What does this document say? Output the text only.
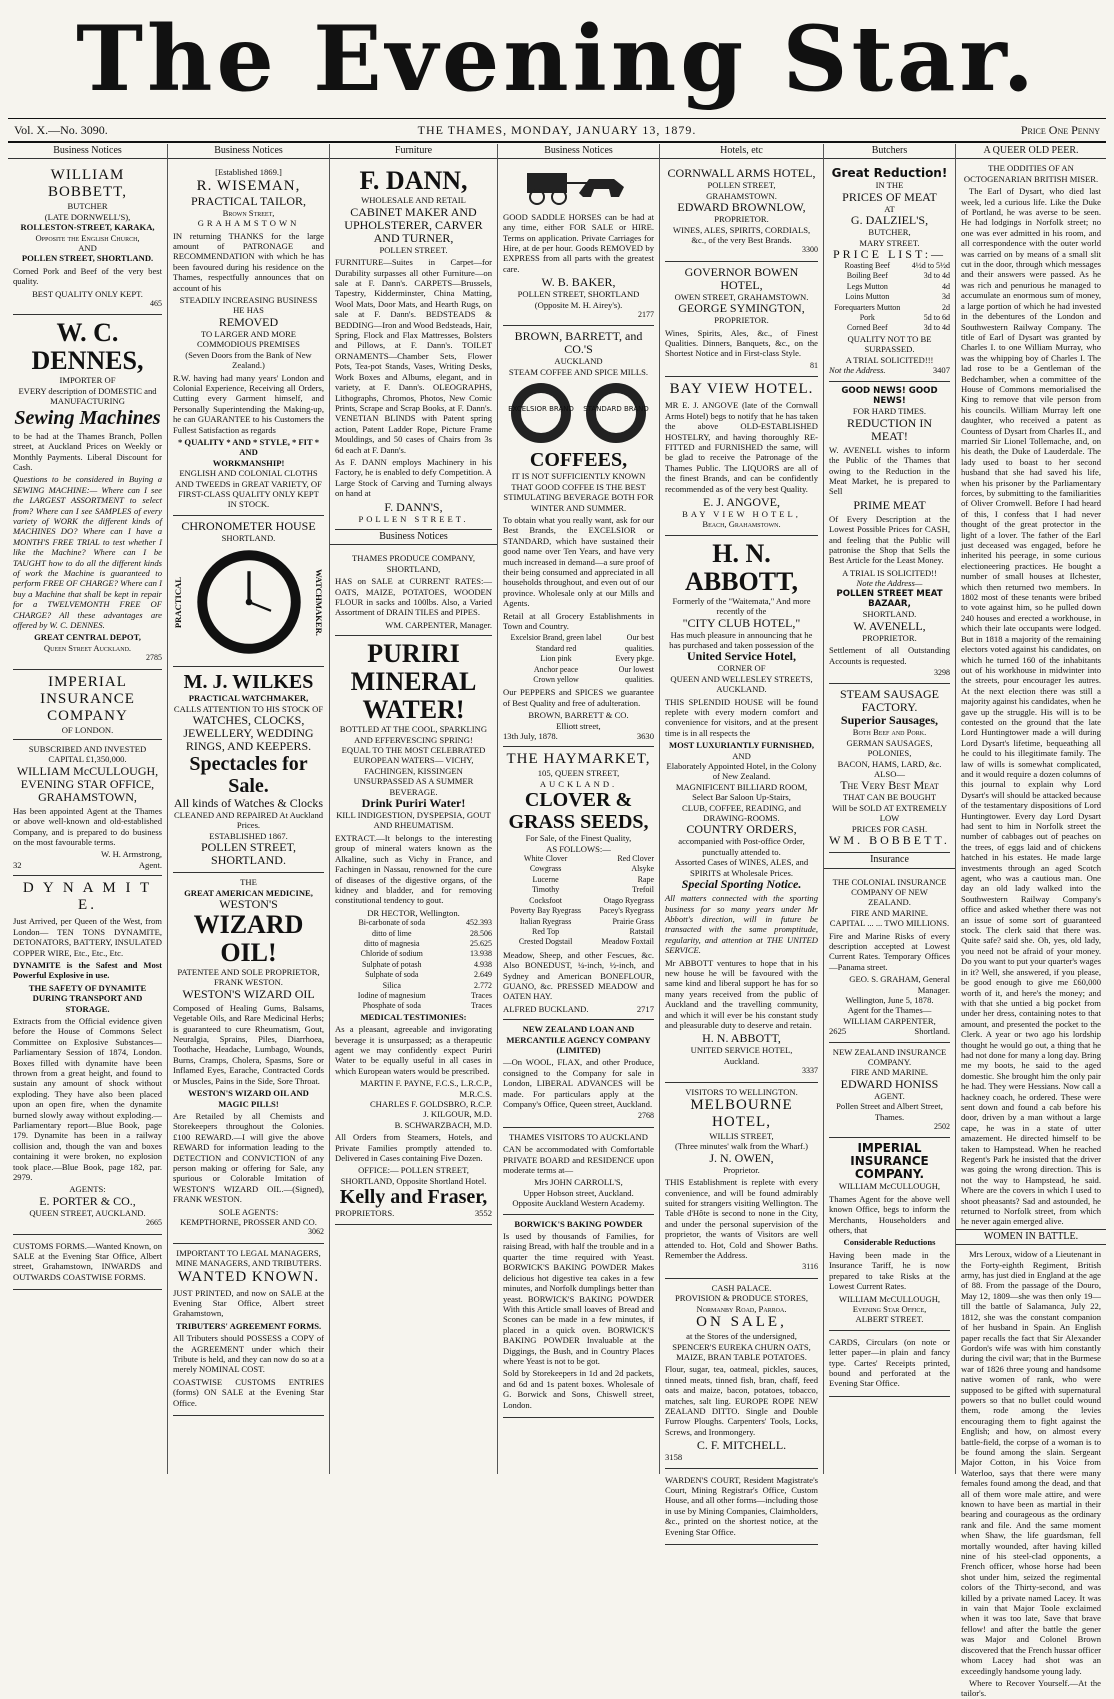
The Evening Star.
Vol. X.—No. 3090.	THE THAMES, MONDAY, JANUARY 13, 1879.	Price One Penny
Business Notices
WILLIAM BOBBETT,
BUTCHER
(LATE DORNWELL'S),
ROLLESTON-STREET, KARAKA,
Opposite the English Church,
AND
POLLEN STREET, SHORTLAND.

Corned Pork and Beef of the very best quality.

BEST QUALITY ONLY KEPT.
465
W. C. DENNES,
IMPORTER OF
EVERY description of DOMESTIC and MANUFACTURING
Sewing Machines

to be had at the Thames Branch, Pollen street, at Auckland Prices on Weekly or Monthly Payments. Liberal Discount for Cash.

Questions to be considered in Buying a SEWING MACHINE:— Where can I see the LARGEST ASSORTMENT to select from? Where can I see SAMPLES of every variety of WORK the different kinds of MACHINES DO? Where can I have a MONTH'S FREE TRIAL to test whether I like the Machine? Where can I be TAUGHT how to do all the different kinds of work the Machine is guaranteed to perform FREE OF CHARGE? Where can I buy a Machine that shall be kept in repair for a TWELVEMONTH FREE OF CHARGE? All these advantages are offered by W. C. DENNES.

GREAT CENTRAL DEPOT,
Queen Street Auckland.
2785
IMPERIAL
INSURANCE COMPANY
OF LONDON.
SUBSCRIBED AND INVESTED
CAPITAL £1,350,000.
WILLIAM McCULLOUGH,
EVENING STAR OFFICE,
GRAHAMSTOWN,

Has been appointed Agent at the Thames or above well-known and old-established Company, and is prepared to do business on the most favourable terms.

W. H. Armstrong,
32	Agent.
D Y N A M I T E.

Just Arrived, per Queen of the West, from London— TEN TONS DYNAMITE, DETONATORS, BATTERY, INSULATED COPPER WIRE, Etc., Etc., Etc.

DYNAMITE is the Safest and Most Powerful Explosive in use.

THE SAFETY OF DYNAMITE DURING TRANSPORT AND STORAGE.

Extracts from the Official evidence given before the House of Commons Select Committee on Explosive Substances—Parliamentary Session of 1874, London. Boxes filled with dynamite have been thrown from a great height, and found to sustain any amount of shock without exploding. They have also been placed upon an open fire, when the dynamite burned slowly away without exploding.—Parliamentary report—Blue Book, page 179. Dynamite has been in a railway collision and, though the van and boxes containing it were broken, no explosion took place.—Blue Book, page 182, par. 2979.

AGENTS:
E. PORTER & CO.,
QUEEN STREET, AUCKLAND.
2665

CUSTOMS FORMS.—Wanted Known, on SALE at the Evening Star Office, Albert street, Grahamstown, INWARDS and OUTWARDS COASTWISE FORMS.

Business Notices
[Established 1869.]
R. WISEMAN,
PRACTICAL TAILOR,
Brown Street,
GRAHAMSTOWN

IN returning THANKS for the large amount of PATRONAGE and RECOMMENDATION with which he has been favoured during his residence on the Thames, respectfully announces that on account of his

STEADILY INCREASING BUSINESS
HE HAS
REMOVED
TO LARGER AND MORE COMMODIOUS PREMISES
(Seven Doors from the Bank of New Zealand.)

R.W. having had many years' London and Colonial Experience, Receiving all Orders, Cutting every Garment himself, and Personally Superintending the Making-up, he can GUARANTEE to his Customers the Fullest Satisfaction as regards

* QUALITY * AND * STYLE, * FIT * AND
WORKMANSHIP!
ENGLISH AND COLONIAL CLOTHS AND TWEEDS in GREAT VARIETY, OF FIRST-CLASS QUALITY ONLY KEPT IN STOCK.
CHRONOMETER HOUSE
SHORTLAND.
PRACTICAL	WATCHMAKER.
M. J. WILKES
PRACTICAL WATCHMAKER,
CALLS ATTENTION TO HIS STOCK OF
WATCHES, CLOCKS, JEWELLERY, WEDDING RINGS, AND KEEPERS.
Spectacles for Sale.
All kinds of Watches & Clocks
CLEANED AND REPAIRED At Auckland Prices.
ESTABLISHED 1867.
POLLEN STREET, SHORTLAND.
THE
GREAT AMERICAN MEDICINE,
WESTON'S
WIZARD OIL!
PATENTEE AND SOLE PROPRIETOR, FRANK WESTON.
WESTON'S WIZARD OIL

Composed of Healing Gums, Balsams, Vegetable Oils, and Rare Medicinal Herbs; is guaranteed to cure Rheumatism, Gout, Neuralgia, Sprains, Piles, Diarrhoea, Toothache, Headache, Lumbago, Wounds, Burns, Cramps, Cholera, Spasms, Sore or Inflamed Eyes, Earache, Contracted Cords or Muscles, Pains in the Side, Sore Throat.

WESTON'S WIZARD OIL AND MAGIC PILLS!

Are Retailed by all Chemists and Storekeepers throughout the Colonies. £100 REWARD.—I will give the above REWARD for information leading to the DETECTION and CONVICTION of any person making or offering for Sale, any spurious or Colorable Imitation of WESTON'S WIZARD OIL.—(Signed), FRANK WESTON.

SOLE AGENTS:
KEMPTHORNE, PROSSER AND CO.
3062
IMPORTANT TO LEGAL MANAGERS, MINE MANAGERS, AND TRIBUTERS.
WANTED KNOWN.

JUST PRINTED, and now on SALE at the Evening Star Office, Albert street Grahamstown,

TRIBUTERS' AGREEMENT FORMS.

All Tributers should POSSESS a COPY of the AGREEMENT under which their Tribute is held, and they can now do so at a merely NOMINAL COST.

COASTWISE CUSTOMS ENTRIES (forms) ON SALE at the Evening Star Office.

Furniture
F. DANN,
WHOLESALE AND RETAIL
CABINET MAKER AND UPHOLSTERER, CARVER AND TURNER,
POLLEN STREET.

FURNITURE—Suites in Carpet—for Durability surpasses all other Furniture—on sale at F. Dann's. CARPETS—Brussels, Tapestry, Kidderminster, China Matting, Wool Mats, Door Mats, and Hearth Rugs, on sale at F. Dann's. BEDSTEADS & BEDDING—Iron and Wood Bedsteads, Hair, Spring, Flock and Flax Mattresses, Bolsters and Pillows, at F. Dann's. TOILET ORNAMENTS—Chamber Sets, Flower Pots, Tea-pot Stands, Vases, Writing Desks, Work Boxes and Albums, elegant, and in variety, at F. Dann's. OLEOGRAPHS, Lithographs, Chromos, Photos, New Comic Prints, Scrape and Scrap Books, at F. Dann's. VENETIAN BLINDS with Patent spring action, Patent Ladder Rope, Picture Frame Mouldings, and 50 cases of Chairs from 3s 6d each at F. Dann's.

As F. DANN employs Machinery in his Factory, he is enabled to defy Competition. A Large Stock of Carving and Turning always on hand at

F. DANN'S,
POLLEN STREET.
Business Notices
THAMES PRODUCE COMPANY, SHORTLAND,

HAS on SALE at CURRENT RATES:— OATS, MAIZE, POTATOES, WOODEN FLOUR in sacks and 100lbs. Also, a Varied Assortment of DRAIN TILES and PIPES.

WM. CARPENTER, Manager.
PURIRI MINERAL WATER!
BOTTLED AT THE COOL, SPARKLING AND EFFERVESCING SPRING!
EQUAL TO THE MOST CELEBRATED EUROPEAN WATERS— VICHY, FACHINGEN, KISSINGEN
UNSURPASSED AS A SUMMER BEVERAGE.
Drink Puriri Water!
KILL INDIGESTION, DYSPEPSIA, GOUT AND RHEUMATISM.

EXTRACT.—It belongs to the interesting group of mineral waters known as the Alkaline, such as Vichy in France, and Fachingen in Nassau, renowned for the cure of diseases of the digestive organs, of the kidney and bladder, and for removing constitutional tendency to gout.

DR HECTOR, Wellington.
Bi-carbonate of soda	452.393
ditto of lime	28.506
ditto of magnesia	25.625
Chloride of sodium	13.938
Sulphate of potash	4.938
Sulphate of soda	2.649
Silica	2.772
Iodine of magnesium	Traces
Phosphate of soda	Traces
MEDICAL TESTIMONIES:

As a pleasant, agreeable and invigorating beverage it is unsurpassed; as a therapeutic agent we may confidently expect Puriri Water to be equally useful in all cases in which European waters would be prescribed.

MARTIN F. PAYNE, F.C.S., L.R.C.P., M.R.C.S.
CHARLES F. GOLDSBRO, R.C.P.
J. KILGOUR, M.D.
B. SCHWARZBACH, M.D.

All Orders from Steamers, Hotels, and Private Families promptly attended to. Delivered in Cases containing Five Dozen.

OFFICE:— POLLEN STREET, SHORTLAND, Opposite Shortland Hotel.
Kelly and Fraser,
PROPRIETORS.	3552
Business Notices

GOOD SADDLE HORSES can be had at any time, either FOR SALE or HIRE. Terms on application. Private Carriages for Hire, at de per hour. Goods REMOVED by EXPRESS from all parts with the greatest care.

W. B. BAKER,
POLLEN STREET, SHORTLAND (Opposite M. H. Airey's).
2177
BROWN, BARRETT, and CO.'S
AUCKLAND
STEAM COFFEE AND SPICE MILLS.
EXCELSIOR BRAND STANDARD BRAND
COFFEES,
IT IS NOT SUFFICIENTLY KNOWN THAT GOOD COFFEE IS THE BEST STIMULATING BEVERAGE BOTH FOR WINTER AND SUMMER.

To obtain what you really want, ask for our Best Brands, the EXCELSIOR or STANDARD, which have sustained their good name over Ten Years, and have very much increased in demand—a sure proof of their being consumed and appreciated in all households throughout, and even out of our province. Wholesale only at our Mills and Agents.

Retail at all Grocery Establishments in Town and Country.

Excelsior Brand, green label	Our best
Standard red	qualities.
Lion pink	Every pkge.
Anchor peace	Our lowest
Crown yellow	qualities.

Our PEPPERS and SPICES we guarantee of Best Quality and free of adulteration.

BROWN, BARRETT & CO.
Elliott street,
13th July, 1878.	3630
THE HAYMARKET,
105, QUEEN STREET,
AUCKLAND.
CLOVER & GRASS SEEDS,
For Sale, of the Finest Quality,
AS FOLLOWS:—
White Clover	Red Clover
Cowgrass	Alsyke
Lucerne	Rape
Timothy	Trefoil
Cocksfoot	Otago Ryegrass
Poverty Bay Ryegrass	Pacey's Ryegrass
Italian Ryegrass	Prairie Grass
Red Top	Ratstail
Crested Dogstail	Meadow Foxtail

Meadow, Sheep, and other Fescues, &c. Also BONEDUST, ¼-inch, ½-inch, and Sydney and American BONEFLOUR, GUANO, &c. PRESSED MEADOW and OATEN HAY.

ALFRED BUCKLAND.	2717
NEW ZEALAND LOAN AND MERCANTILE AGENCY COMPANY (LIMITED)

—On WOOL, FLAX, and other Produce, consigned to the Company for sale in London, LIBERAL ADVANCES will be made. For particulars apply at the Company's Office, Queen street, Auckland.

2768
THAMES VISITORS TO AUCKLAND

CAN be accommodated with Comfortable PRIVATE BOARD and RESIDENCE upon moderate terms at—

Mrs JOHN CARROLL'S,
Upper Hobson street, Auckland.
Opposite Auckland Western Academy.
BORWICK'S BAKING POWDER

Is used by thousands of Families, for raising Bread, with half the trouble and in a quarter the time required with Yeast. BORWICK'S BAKING POWDER Makes delicious hot digestive tea cakes in a few minutes, and Norfolk dumplings better than yeast. BORWICK'S BAKING POWDER With this Article small loaves of Bread and Scones can be made in a few minutes, if placed in a quick oven. BORWICK'S BAKING POWDER Invaluable at the Diggings, the Bush, and in Country Places where Yeast is not to be got.

Sold by Storekeepers in 1d and 2d packets, and 6d and 1s patent boxes. Wholesale of G. Borwick and Sons, Chiswell street, London.

Hotels, etc
CORNWALL ARMS HOTEL,
POLLEN STREET,
GRAHAMSTOWN.
EDWARD BROWNLOW,
PROPRIETOR.
WINES, ALES, SPIRITS, CORDIALS, &c., of the very Best Brands.
3300
GOVERNOR BOWEN HOTEL,
OWEN STREET, GRAHAMSTOWN.
GEORGE SYMINGTON,
PROPRIETOR.

Wines, Spirits, Ales, &c., of Finest Qualities. Dinners, Banquets, &c., on the Shortest Notice and in First-class Style.

81
BAY VIEW HOTEL.

MR E. J. ANGOVE (late of the Cornwall Arms Hotel) begs to notify that he has taken the above OLD-ESTABLISHED HOSTELRY, and having thoroughly RE-FITTED and FURNISHED the same, will be glad to receive the Patronage of the Thames Public. The LIQUORS are all of the finest Brands, and can be confidently recommended as of the very best Quality.

E. J. ANGOVE,
BAY VIEW HOTEL,
Beach, Grahamstown.
H. N. ABBOTT,
Formerly of the "Waitemata," And more recently of the
"CITY CLUB HOTEL,"
Has much pleasure in announcing that he has purchased and taken possession of the
United Service Hotel,
CORNER OF
QUEEN AND WELLESLEY STREETS, AUCKLAND.

THIS SPLENDID HOUSE will be found replete with every modern comfort and convenience for visitors, and at the present time is in all respects the

MOST LUXURIANTLY FURNISHED,
AND
Elaborately Appointed Hotel, in the Colony of New Zealand.
MAGNIFICENT BILLIARD ROOM,
Select Bar Saloon Up-Stairs,
CLUB, COFFEE, READING, and DRAWING-ROOMS.
COUNTRY ORDERS,
accompanied with Post-office Order, punctually attended to.
Assorted Cases of WINES, ALES, and SPIRITS at Wholesale Prices.
Special Sporting Notice.

All matters connected with the sporting business for so many years under Mr Abbott's direction, will in future be transacted with the same promptitude, regularity, and attention at THE UNITED SERVICE.

Mr ABBOTT ventures to hope that in his new house he will be favoured with the same kind and liberal support he has for so many years received from the public of Auckland and the travelling community, and which it will ever be his constant study and pleasurable duty to deserve and retain.

H. N. ABBOTT,
UNITED SERVICE HOTEL,
Auckland.
3337
VISITORS TO WELLINGTON.
MELBOURNE HOTEL,
WILLIS STREET,
(Three minutes' walk from the Wharf.)
J. N. OWEN,
Proprietor.

THIS Establishment is replete with every convenience, and will be found admirably suited for strangers visiting Wellington. The Table d'Hôte is second to none in the City, and under the personal supervision of the proprietor, the wants of Visitors are well attended to. Hot, Cold and Shower Baths. Remember the Address.

3116
CASH PALACE.
PROVISION & PRODUCE STORES,
Normanby Road, Parroa.
ON SALE,
at the Stores of the undersigned, SPENCER'S EUREKA CHURN OATS, MAIZE, BRAN TABLE POTATOES.

Flour, sugar, tea, oatmeal, pickles, sauces, tinned meats, tinned fish, bran, chaff, feed oats and maize, bacon, potatoes, tobacco, matches, salt ling. EUROPE ROPE NEW ZEALAND DITTO. Single and Double Furrow Ploughs. Carpenters' Tools, Locks, Screws, and Ironmongery.

C. F. MITCHELL.
3158

WARDEN'S COURT, Resident Magistrate's Court, Mining Registrar's Office, Custom House, and all other forms—including those in use by Mining Companies, Claimholders, &c., printed on the shortest notice, at the Evening Star Office.

Butchers
Great Reduction!
IN THE
PRICES OF MEAT
AT
G. DALZIEL'S,
BUTCHER,
MARY STREET.
PRICE LIST:—
Roasting Beef	4½d to 5½d
Boiling Beef	3d to 4d
Legs Mutton	4d
Loins Mutton	3d
Forequarters Mutton	2d
Pork	5d to 6d
Corned Beef	3d to 4d
QUALITY NOT TO BE SURPASSED.
A TRIAL SOLICITED!!!
Not the Address.	3407
GOOD NEWS! GOOD NEWS!
FOR HARD TIMES.
REDUCTION IN MEAT!

W. AVENELL wishes to inform the Public of the Thames that owing to the Reduction in the Meat Market, he is prepared to Sell

PRIME MEAT

Of Every Description at the Lowest Possible Prices for CASH, and feeling that the Public will patronise the Shop that Sells the Best Article for the Least Money.

A TRIAL IS SOLICITED!!
Note the Address—
POLLEN STREET MEAT BAZAAR,
SHORTLAND.
W. AVENELL,
PROPRIETOR.

Settlement of all Outstanding Accounts is requested.

3298
STEAM SAUSAGE FACTORY.
Superior Sausages,
Both Beef and Pork.
GERMAN SAUSAGES, POLONIES,
BACON, HAMS, LARD, &c.
ALSO—
The Very Best Meat
THAT CAN BE BOUGHT
Will be SOLD AT EXTREMELY LOW
PRICES FOR CASH.
WM. BOBBETT.
Insurance
THE COLONIAL INSURANCE COMPANY OF NEW ZEALAND.
FIRE AND MARINE.
CAPITAL ... ... TWO MILLIONS.

Fire and Marine Risks of every description accepted at Lowest Current Rates. Temporary Offices—Panama street.

GEO. S. GRAHAM, General Manager.
Wellington, June 5, 1878.
Agent for the Thames—
WILLIAM CARPENTER,
2625	Shortland.
NEW ZEALAND INSURANCE COMPANY.
FIRE AND MARINE.
EDWARD HONISS
AGENT.
Pollen Street and Albert Street, Thames.
2502
IMPERIAL INSURANCE COMPANY.
WILLIAM McCULLOUGH,

Thames Agent for the above well known Office, begs to inform the Merchants, Householders and others, that

Considerable Reductions

Having been made in the Insurance Tariff, he is now prepared to take Risks at the Lowest Current Rates.

WILLIAM McCULLOUGH,
Evening Star Office,
ALBERT STREET.

CARDS, Circulars (on note or letter paper—in plain and fancy type. Cartes' Receipts printed, bound and perforated at the Evening Star Office.

A QUEER OLD PEER.
THE ODDITIES OF AN OCTOGENARIAN BRITISH MISER.

The Earl of Dysart, who died last week, led a curious life. Like the Duke of Portland, he was averse to be seen. He had lodgings in Norfolk street; no one was ever admitted in his room, and all correspondence with the outer world was carried on by means of a small slit cut in the door, through which messages and their answers were passed. As he was rich and penurious he managed to accumulate an enormous sum of money, a large portion of which he had invested in the debentures of the London and Southwestern Railway Company. The title of Earl of Dysart was granted by Charles I. to one William Murray, who was the whipping boy of Charles I. The lad rose to be a Gentleman of the Bedchamber, when a committee of the House of Commons memorialised the King to remove that vile person from his councils. William Murray left one daughter, who received a patent as Countess of Dysart from Charles II., and married Sir Lionel Tollemache, and, on his death, the Duke of Lauderdale. The lady used to boast to her second husband that she had saved his life, when his prisoner by the Parliamentary forces, by submitting to the familiarities of Oliver Cromwell. Before I had heard of this, I confess that I had never thought of the great protector in the light of a lover. The father of the Earl just deceased was engaged, before he inherited his peerage, in some curious electioneering practices. He bought a number of small houses at Ilchester, which then returned two members. In 1802 most of these tenants were bribed to vote against him, so he pulled down 240 houses and erected a workhouse, in which their late occupants were lodged. But in 1818 a majority of the remaining electors voted against his candidates, on which he turned 160 of the inhabitants out of his workhouse in midwinter into the streets, pour encourager les autres. At the next election there was still a majority against his candidates, when he gave up the struggle. His will is to be contested on the ground that the late Lord Huntingtower made a will during Lord Dysart's lifetime, bequeathing all he could to his illegitimate family. The law of wills is somewhat complicated, and it would require a dozen columns of this journal to explain why Lord Dysart's will should be attacked because of the testamentary dispositions of Lord Huntingtower. Every day Lord Dysart had sent to him in Norfolk street the number of cabbages out of peaches on the trees, of eggs laid and of chickens hatched in his estates. He made large investments through an aged Scotch agent, who was a cautious man. One day an old lady walked into the Southwestern Railway Company's office and asked whether there was not an issue of some sort of guaranteed stock. The clerk said that there was. Quite safe? said she. Oh, yes, old lady, you need not be afraid of your money. Do you want to put your quarter's wages in it? Well, she answered, if you please, be good enough to give me £60,000 worth of it, and here's the money; and with that she untied a big pocket from under her dress, containing notes to that amount, and presented the pocket to the Clerk. A year or two ago his lordship thought he would go out, a thing that he had not done for many a long day. Bring me my boots, he said to the aged domestic. She brought him the only pair he had. They were Hessians. Now call a hackney coach, he ordered. These were sent down and found a cab before his door, driven by a man without a large cape, he was in a state of utter amazement. He directed himself to be taken to Hampstead. When he reached Regent's Park he insisted that the driver was going the wrong direction. This is not the way to Hampstead, he said. Where are the covers in which I used to shoot pheasants? Sad and astounded, he returned to Norfolk street, from which he never again emerged alive.

WOMEN IN BATTLE.

Mrs Leroux, widow of a Lieutenant in the Forty-eighth Regiment, British army, has just died in England at the age of 88. From the passage of the Douro, May 12, 1809—she was then only 19—till the battle of Salamanca, July 22, 1812, she was the constant companion of her husband in Spain. An English paper recalls the fact that Sir Alexander Gordon's wife was with him constantly during the civil war; that in the Burmese war of 1826 three young and handsome native women of rank, who were supposed to be gifted with supernatural powers so that no bullet could wound them, rode among the levies encouraging them to fight against the English; and how, on almost every battle-field, the corpse of a woman is to be found among the slain. Sergeant Major Cotton, in his Voice from Waterloo, says that there were many females found among the dead, and that all of them wore male attire, and were known to have been as martial in their bearing and courageous as the ordinary rank and file. And the same moment when Shaw, the life guardsman, fell mortally wounded, after having killed nine of his steel-clad opponents, a French officer, whose horse had been shot under him, seized the regimental colors of the Thirty-second, and was killed by a private named Lacey. It was in vain that Major Toole exclaimed when it was too late, Save that brave fellow! and after the battle the gener was Major and Colonel Brown discovered that the French hussar officer whom Lacey had shot was an exceedingly handsome young lady.

Where to Recover Yourself.—At the tailor's.
